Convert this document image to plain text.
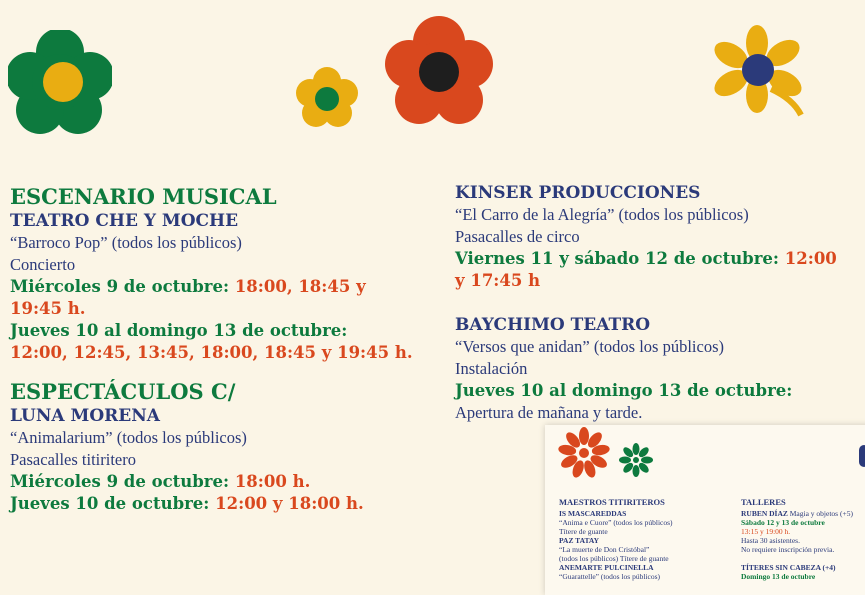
ESCENARIO MUSICAL
TEATRO CHE Y MOCHE
“Barroco Pop” (todos los públicos)
Concierto
Miércoles 9 de octubre: 18:00, 18:45 y
19:45 h.
Jueves 10 al domingo 13 de octubre:
12:00, 12:45, 13:45, 18:00, 18:45 y 19:45 h.
ESPECTÁCULOS C/
LUNA MORENA
“Animalarium” (todos los públicos)
Pasacalles titiritero
Miércoles 9 de octubre: 18:00 h.
Jueves 10 de octubre: 12:00 y 18:00 h.
KINSER PRODUCCIONES
“El Carro de la Alegría” (todos los públicos)
Pasacalles de circo
Viernes 11 y sábado 12 de octubre: 12:00
y 17:45 h
BAYCHIMO TEATRO
“Versos que anidan” (todos los públicos)
Instalación
Jueves 10 al domingo 13 de octubre:
Apertura de mañana y tarde.
MAESTROS TITIRITEROS
IS MASCAREDDAS
“Anima e Cuore” (todos los públicos)
Títere de guante
PAZ TATAY
“La muerte de Don Cristóbal”
(todos los públicos) Títere de guante
ANEMARTE PULCINELLA
“Guarattelle” (todos los públicos)
TALLERES
RUBEN DÍAZ Magia y objetos (+5)
Sábado 12 y 13 de octubre
13:15 y 19:00 h.
Hasta 30 asistentes.
No requiere inscripción previa.
TÍTERES SIN CABEZA (+4)
Domingo 13 de octubre
